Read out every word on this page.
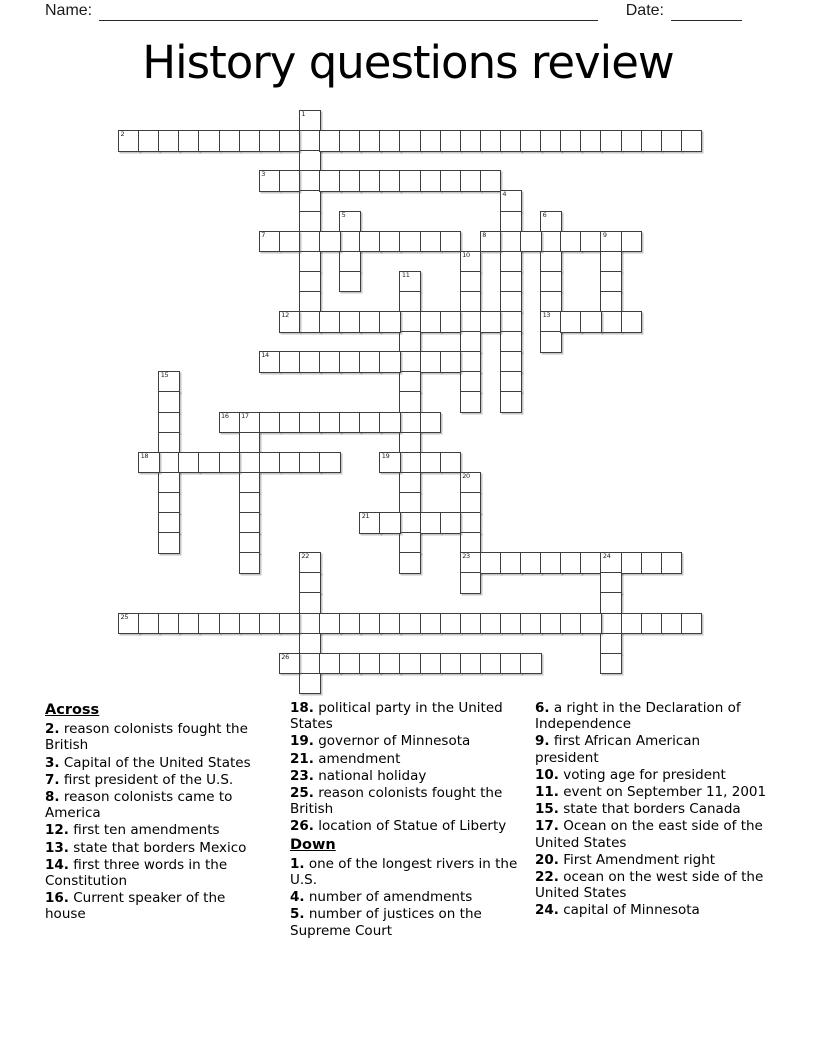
Name:	Date:
History questions review
1
2
3
4
5	6
13
7	8	9
10
11
12
14
15
16 17
18	19
20
23
21
22	24
25
26
Across
2. reason colonists fought the British
3. Capital of the United States
7. first president of the U.S.
8. reason colonists came to America
12. first ten amendments
13. state that borders Mexico
14. first three words in the Constitution
16. Current speaker of the house
18. political party in the United States
19. governor of Minnesota
21. amendment
23. national holiday
25. reason colonists fought the British
26. location of Statue of Liberty
Down
1. one of the longest rivers in the U.S.
4. number of amendments
5. number of justices on the Supreme Court
6. a right in the Declaration of Independence
9. first African American president
10. voting age for president
11. event on September 11, 2001
15. state that borders Canada
17. Ocean on the east side of the United States
20. First Amendment right
22. ocean on the west side of the United States
24. capital of Minnesota
